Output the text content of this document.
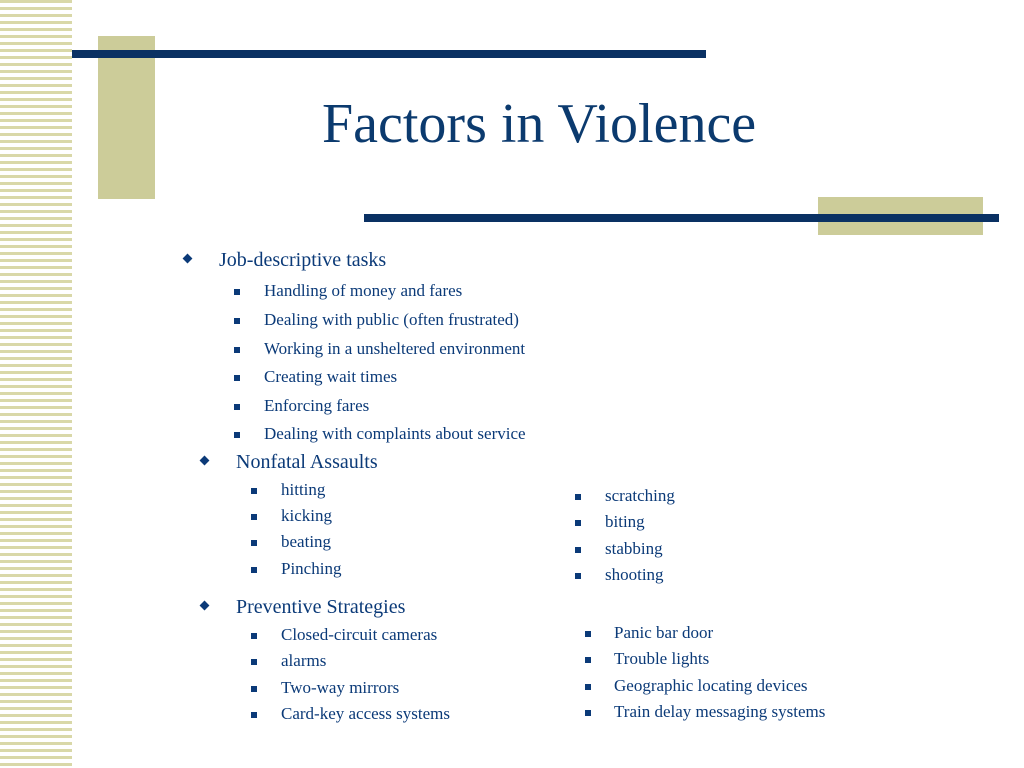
Factors in Violence
Job-descriptive tasks
Handling of money and fares
Dealing with public (often frustrated)
Working in a unsheltered environment
Creating wait times
Enforcing fares
Dealing with complaints about service
Nonfatal Assaults
hitting
kicking
beating
Pinching
scratching
biting
stabbing
shooting
Preventive Strategies
Closed-circuit cameras
alarms
Two-way mirrors
Card-key access systems
Panic bar door
Trouble lights
Geographic locating devices
Train delay messaging systems
